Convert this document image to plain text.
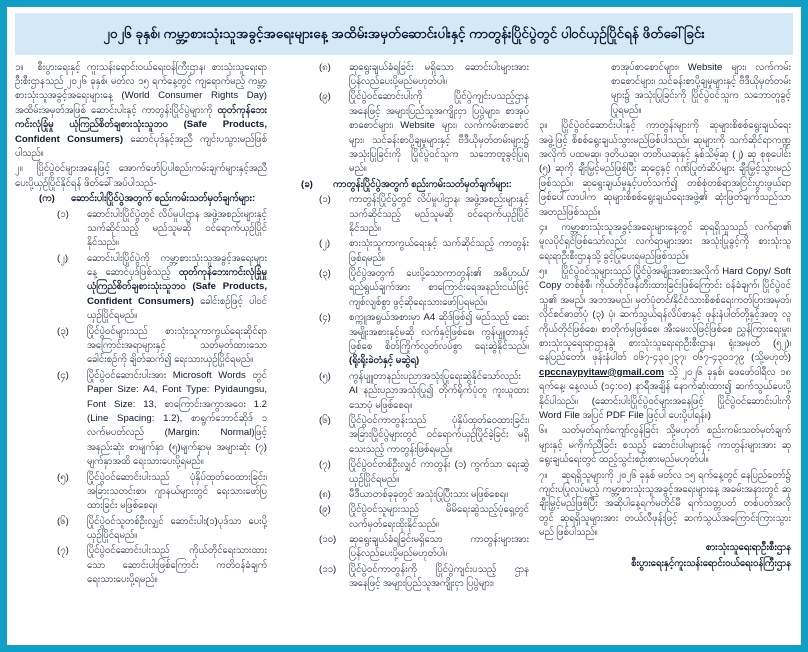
၂၀၂၆ ခုနှစ်၊ ကမ္ဘာ့စားသုံးသူအခွင့်အရေးများနေ့ အထိမ်းအမှတ်ဆောင်းပါးနှင့် ကာတွန်းပြိုင်ပွဲတွင် ပါဝင်ယှဉ်ပြိုင်ရန် ဖိတ်ခေါ်ခြင်း
၁။ စီးပွားရေးနှင့် ကူးသန်းရောင်းဝယ်ရေးဝန်ကြီးဌာန၊ စားသုံးသူရေးရာဦးစီးဌာနသည် ၂၀၂၆ ခုနှစ်၊ မတ်လ ၁၅ ရက်နေ့တွင် ကျရောက်မည့် ကမ္ဘာ့စားသုံးသူအခွင့်အရေးများနေ့ (World Consumer Rights Day) အထိမ်းအမှတ်အဖြစ် ဆောင်းပါးနှင့် ကာတွန်းပြိုင်ပွဲများကို ထုတ်ကုန်ဘေးကင်းလုံခြုံမှု ယုံကြည်စိတ်ချစားသုံးသူဘဝ (Safe Products, Confident Consumers) ဆောင်ပုဒ်နှင့်အညီ ကျင်းပသွားမည်ဖြစ်ပါသည်။
၂။ ပြိုင်ပွဲဝင်များအနေဖြင့် အောက်ဖော်ပြပါစည်းကမ်းချက်များနှင့်အညီ ပေးပို့ယှဉ်ပြိုင်နိုင်ရန် ဖိတ်ခေါ်အပ်ပါသည်-
(က) ဆောင်းပါးပြိုင်ပွဲအတွက် စည်းကမ်းသတ်မှတ်ချက်များ:
(၁) ဆောင်းပါးပြိုင်ပွဲတွင် လိပ်မှုပါဌာန အဖွဲ့အစည်းများနှင့် သက်ဆိုင်သည့် မည်သူမဆို ဝင်ရောက်ယှဉ်ပြိုင်နိုင်သည်။
(၂) ဆောင်းပါးပြိုင်ပွဲကို ကမ္ဘာ့စားသုံးသူအခွင့်အရေးများနေ့ ဆောင်ပုဒ်ဖြစ်သည့် ထုတ်ကုန်ဘေးကင်းလုံခြုံမှု ယုံကြည်စိတ်ချစားသုံးသူဘဝ (Safe Products, Confident Consumers) ခေါင်းစဉ်ဖြင့် ပါဝင်ယှဉ်ပြိုင်ရမည်။
(၃) ပြိုင်ပွဲဝင်များသည် စားသုံးသူကာကွယ်ရေးဆိုင်ရာ အကြောင်းအရာများနှင့် သတ်မှတ်ထားသော ခေါင်းစဉ်ကို ချိတ်ဆက်၍ ရေးသားယှဉ်ပြိုင်ရမည်။
(၄) ပြိုင်ပွဲဝင်ဆောင်းပါးအား Microsoft Words တွင် Paper Size: A4, Font Type: Pyidaungsu, Font Size: 13, စာကြောင်းအကွာအဝေး 1.2 (Line Spacing: 1.2), စာရွက်ဘောင်ဆိုဒ် ၁ လက်မပတ်လည် (Margin: Normal)ဖြင့် အနည်းဆုံး စာမျက်နှာ (၅)မျက်နှာမှ အများဆုံး (၇) မျက်နှာအထိ ရေးသားပေးပို့ရမည်။
(၅) ပြိုင်ပွဲဝင်ဆောင်းပါးသည် ပုံနှိပ်ထုတ်ဝေထားခြင်း၊ အခြားသတင်းစာ၊ ဂျာနယ်များတွင် ရေးသားဖော်ပြထားခြင်း မဖြစ်စေရ။
(၆) ပြိုင်ပွဲဝင်သူတစ်ဦးလျှင် ဆောင်းပါး(၁)ပုဒ်သာ ပေးပို့ယှဉ်ပြိုင်ရမည်။
(၇) ပြိုင်ပွဲဝင်ဆောင်းပါးသည် ကိုယ်တိုင်ရေးသားထားသော ဆောင်းပါးဖြစ်ကြောင်း ကတိဝန်ခံချက် ရေးသားပေးပို့ရမည်။
(၈) ဆုရွေးချယ်ခံရခြင်း မရှိသော ဆောင်းပါးများအား ပြန်လည်ပေးပို့မည်မဟုတ်ပါ။
(၉) ပြိုင်ပွဲဝင်ဆောင်းပါးကို ပြိုင်ပွဲကျင်းပသည့်ဌာန အနေဖြင့် အများပြည်သူအကျိုးငှာ ပြပွဲများ၊ စာအုပ်စာစောင်များ၊ Website များ၊ လက်ကမ်းစာစောင်များ၊ သင်ခန်းစာပို့ချမှုများနှင့် ဗီဒီယိုမှတ်တမ်းများ၌ အသုံးပြုခြင်းကို ပြိုင်ပွဲဝင်သူက သဘောတူခွင့်ပြုရမည်။
(ခ) ကာတွန်းပြိုင်ပွဲအတွက် စည်းကမ်းသတ်မှတ်ချက်များ:
(၁) ကာတွန်းပြိုင်ပွဲတွင် လိပ်မှုပါဌာန၊ အဖွဲ့အစည်းများနှင့်သက်ဆိုင်သည့် မည်သူမဆို ဝင်ရောက်ယှဉ်ပြိုင်နိုင်သည်။
(၂) စားသုံးသူကာကွယ်ရေးနှင့် သက်ဆိုင်သည့် ကာတွန်းဖြစ်ရမည်။
(၃) ပြိုင်ပွဲအတွက် ပေးပို့သောကာတွန်း၏ အဓိပ္ပာယ်/ရည်ရွယ်ချက်အား စာကြောင်းရေအနည်းငယ်ဖြင့် ကျစ်လျစ်စွာ ဖွင့်ဆိုရေးသားဖော်ပြရမည်။
(၄) စက္ကူအရွယ်အစားမှာ A4 ဆိုဒ်ဖြစ်၍ မည်သည့် ဆေးအမျိုးအစားနှင့်မဆို လက်နှင့်ဖြစ်စေ၊ ကွန်ပျူတာနှင့်ဖြစ်စေ စိတ်ကြိုက်လွတ်လပ်စွာ ရေးဆွဲနိုင်သည်။ (ရိုးရိုးခဲတံနှင့် မဆွဲရ)
(၅) ကွန်ပျူတာနည်းပညာအသုံးပြုရေးဆွဲနိုင်သော်လည်း AI နည်းပညာအသုံးပြု၍ တိုက်ရိုက်ပုံတူ ကူးယူထားသောပုံ မဖြစ်စေရ။
(၆) ပြိုင်ပွဲဝင်ကာတွန်းသည် ပုံနှိပ်ထုတ်ဝေထားခြင်း၊ အခြားပြိုင်ပွဲများတွင် ဝင်ရောက်ယှဉ်ပြိုင်ခဲ့ခြင်း မရှိသေးသည့် ကာတွန်းဖြစ်ရမည်။
(၇) ပြိုင်ပွဲဝင်တစ်ဦးလျှင် ကာတွန်း (၁) ကွက်သာ ရေးဆွဲယှဉ်ပြိုင်ရမည်။
(၈) မီဒီယာတစ်ခုခုတွင် အသုံးပြုပြီးသား မဖြစ်စေရ။
(၉) ပြိုင်ပွဲဝင်သူများသည် မိမိရေးဆွဲသည့်ပုံရှေ့တွင် လက်မှတ်ရေးထိုးနိုင်သည်။
(၁၀) ဆုရွေးချယ်ခံရခြင်းမရှိသော ကာတွန်းများအား ပြန်လည်ပေးပို့မည်မဟုတ်ပါ။
(၁၁) ပြိုင်ပွဲဝင်ကာတွန်းကို ပြိုင်ပွဲကျင်းပသည့် ဌာန အနေဖြင့် အများပြည်သူအကျိုးငှာ ပြပွဲများ၊
စာအုပ်စာစောင်များ၊ Website များ၊ လက်ကမ်းစာစောင်များ၊ သင်ခန်းစာပို့ချမှုများနှင့် ဗီဒီယိုမှတ်တမ်းများ၌ အသုံးပြုခြင်းကို ပြိုင်ပွဲဝင်သူက သဘောတူခွင့်ပြုရမည်။
၃။ ပြိုင်ပွဲဝင်ဆောင်းပါးနှင့် ကာတွန်းများကို ဆုများစိစစ်ရွေးချယ်ရေးအဖွဲ့ဖြင့် စိစစ်ရွေးချယ်သွားမည်ဖြစ်ပါသည်။ ဆုများကို သက်ဆိုင်ရာကဏ္ဍအလိုက် ပထမဆု၊ ဒုတိယဆု၊ တတိယဆုနှင့် နှစ်သိမ့်ဆု (၂) ဆု စုစုပေါင်း (၅) ဆုကို ချီးမြှင့်မည်ဖြစ်ပြီး ဆုငွေနှင့် ဂုဏ်ပြုတံဆိပ်များ ချီးမြှင့်သွားမည်ဖြစ်သည်။ ဆုရွေးချယ်မှုနှင့်ပတ်သက်၍ တစ်စုံတစ်ရာအငြင်းပွားဖွယ်ရာ ဖြစ်ပေါ်လာပါက ဆုများစိစစ်ရွေးချယ်ရေးအဖွဲ့၏ ဆုံးဖြတ်ချက်သည်သာ အတည်ဖြစ်သည်။
၄။ ကမ္ဘာ့စားသုံးသူအခွင့်အရေးများနေ့တွင် ဆုရရှိသူသည် လက်ရာ၏ မူလပိုင်ရှင်ဖြစ်သော်လည်း လက်ရာများအား အသုံးပြုခွင့်ကို စားသုံးသူရေးရာဦးစီးဌာနသို့ ခွင့်ပြုပေးရမည်ဖြစ်သည်။
၅။ ပြိုင်ပွဲဝင်သူများသည် ပြိုင်ပွဲအမျိုးအစားအလိုက် Hard Copy/ Soft Copy တစ်စုံစီ၊ ကိုယ်တိုင်ဖန်တီးထားခြင်းဖြစ်ကြောင်း ဝန်ခံချက်၊ ပြိုင်ပွဲဝင်သူ၏ အမည်၊ အဘအမည်၊ မှတ်ပုံတင်/နိုင်ငံသားစိစစ်ရေးကတ်ပြားအမှတ်၊ လိုင်စင်ဓာတ်ပုံ (၃) ပုံ၊ ဆက်သွယ်ရန်လိပ်စာနှင့် ဖုန်းနံပါတ်တို့နှင့်အတူ လူကိုယ်တိုင်ဖြစ်စေ၊ စာတိုက်မှဖြစ်စေ၊ အီးမေးလ်ဖြင့်ဖြစ်စေ ညွှန်ကြားရေးမှူး၊ စားသုံးသူရေးရာဌာနခွဲ၊ စားသုံးသူရေးရာဦးစီးဌာန၊ ရုံးအမှတ် (၅၂)၊ နေပြည်တော်၊ ဖုန်းနံပါတ် ၀၆၇-၄၃၀၂၃၇၊ ၀၆၇-၄၃၀၁၇၉ (သို့မဟုတ်) cpccnaypyitaw@gmail.com သို့ ၂၀၂၆ ခုနှစ်၊ ဖေဖော်ဝါရီလ ၁၈ ရက်နေ့၊ နေ့လယ် (၁၄:၀၀) နာရီအချိန် နောက်ဆုံးထား၍ ဆက်သွယ်ပေးပို့နိုင်ပါသည်။ (ဆောင်းပါးပြိုင်ပွဲဝင်များအနေဖြင့် ပြိုင်ပွဲဝင်ဆောင်းပါးကို Word File အပြင် PDF File ဖြင့်ပါ ပေးပို့ပါရန်။)
၆။ သတ်မှတ်ရက်ကျော်လွန်ခြင်း သို့မဟုတ် စည်းကမ်းသတ်မှတ်ချက်များနှင့် မကိုက်ညီခြင်း စသည့် ဆောင်းပါးများနှင့် ကာတွန်းများအား ဆုရွေးချယ်ရေးတွင် ထည့်သွင်းစဉ်းစားမည်မဟုတ်ပါ။
၇။ ဆုရရှိသူများကို ၂၀၂၆ ခုနှစ် မတ်လ ၁၅ ရက်နေ့တွင် နေပြည်တော်၌ ကျင်းပပြုလုပ်မည့် ကမ္ဘာ့စားသုံးသူအခွင့်အရေးများနေ့ အခမ်းအနားတွင် ဆုချီးမြှင့်မည်ဖြစ်ပြီး အဆိုပါနေ့ရက်မတိုင်မီ ရက်သတ္တပတ် တစ်ပတ်အလိုတွင် ဆုရရှိသူများအား တယ်လီဖုန်းဖြင့် ဆက်သွယ်အကြောင်းကြားသွားမည် ဖြစ်ပါသည်။
စားသုံးသူရေးရာဦးစီးဌာန
စီးပွားရေးနှင့်ကူးသန်းရောင်းဝယ်ရေးဝန်ကြီးဌာန
